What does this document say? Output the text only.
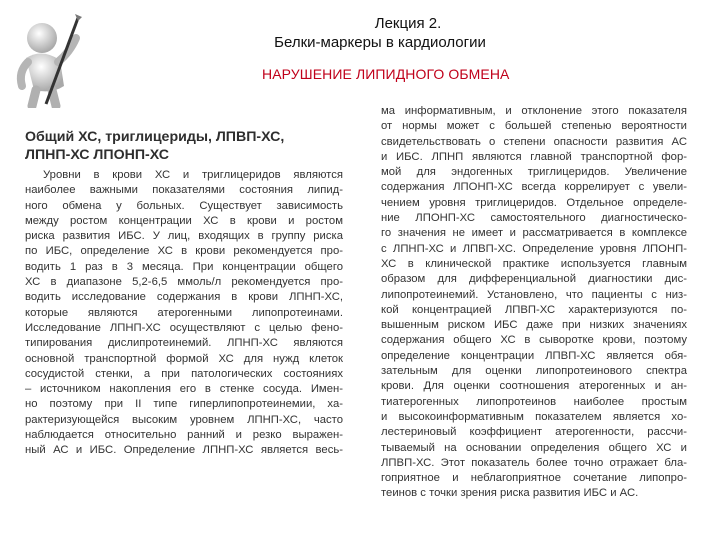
Лекция 2.
Белки-маркеры в кардиологии
НАРУШЕНИЕ ЛИПИДНОГО ОБМЕНА
Общий ХС, триглицериды, ЛПВП-ХС,
ЛПНП-ХС ЛПОНП-ХС

Уровни в крови ХС и триглицеридов являются

наиболее важными показателями состояния липид-

ного обмена у больных. Существует зависимость

между ростом концентрации ХС в крови и ростом

риска развития ИБС. У лиц, входящих в группу риска

по ИБС, определение ХС в крови рекомендуется про-

водить 1 раз в 3 месяца. При концентрации общего

ХС в диапазоне 5,2-6,5 ммоль/л рекомендуется про-

водить исследование содержания в крови ЛПНП-ХС,

которые являются атерогенными липопротеинами.

Исследование ЛПНП-ХС осуществляют с целью фено-

типирования дислипротеинемий. ЛПНП-ХС являются

основной транспортной формой ХС для нужд клеток

сосудистой стенки, а при патологических состояниях

– источником накопления его в стенке сосуда. Имен-

но поэтому при II типе гиперлипопротеинемии, ха-

рактеризующейся высоким уровнем ЛПНП-ХС, часто

наблюдается относительно ранний и резко выражен-

ный АС и ИБС. Определение ЛПНП-ХС является весь-

ма информативным, и отклонение этого показателя

от нормы может с большей степенью вероятности

свидетельствовать о степени опасности развития АС

и ИБС. ЛПНП являются главной транспортной фор-

мой для эндогенных триглицеридов. Увеличение

содержания ЛПОНП-ХС всегда коррелирует с увели-

чением уровня триглицеридов. Отдельное определе-

ние ЛПОНП-ХС самостоятельного диагностическо-

го значения не имеет и рассматривается в комплексе

с ЛПНП-ХС и ЛПВП-ХС. Определение уровня ЛПОНП-

ХС в клинической практике используется главным

образом для дифференциальной диагностики дис-

липопротеинемий. Установлено, что пациенты с низ-

кой концентрацией ЛПВП-ХС характеризуются по-

вышенным риском ИБС даже при низких значениях

содержания общего ХС в сывороткe крови, поэтому

определение концентрации ЛПВП-ХС является обя-

зательным для оценки липопротеинового спектра

крови. Для оценки соотношения атерогенных и ан-

тиатерогенных липопротеинов наиболее простым

и высокоинформативным показателем является хо-

лестериновый коэффициент атерогенности, рассчи-

тываемый на основании определения общего ХС и

ЛПВП-ХС. Этот показатель более точно отражает бла-

гоприятное и неблагоприятное сочетание липопро-

теинов с точки зрения риска развития ИБС и АС.
